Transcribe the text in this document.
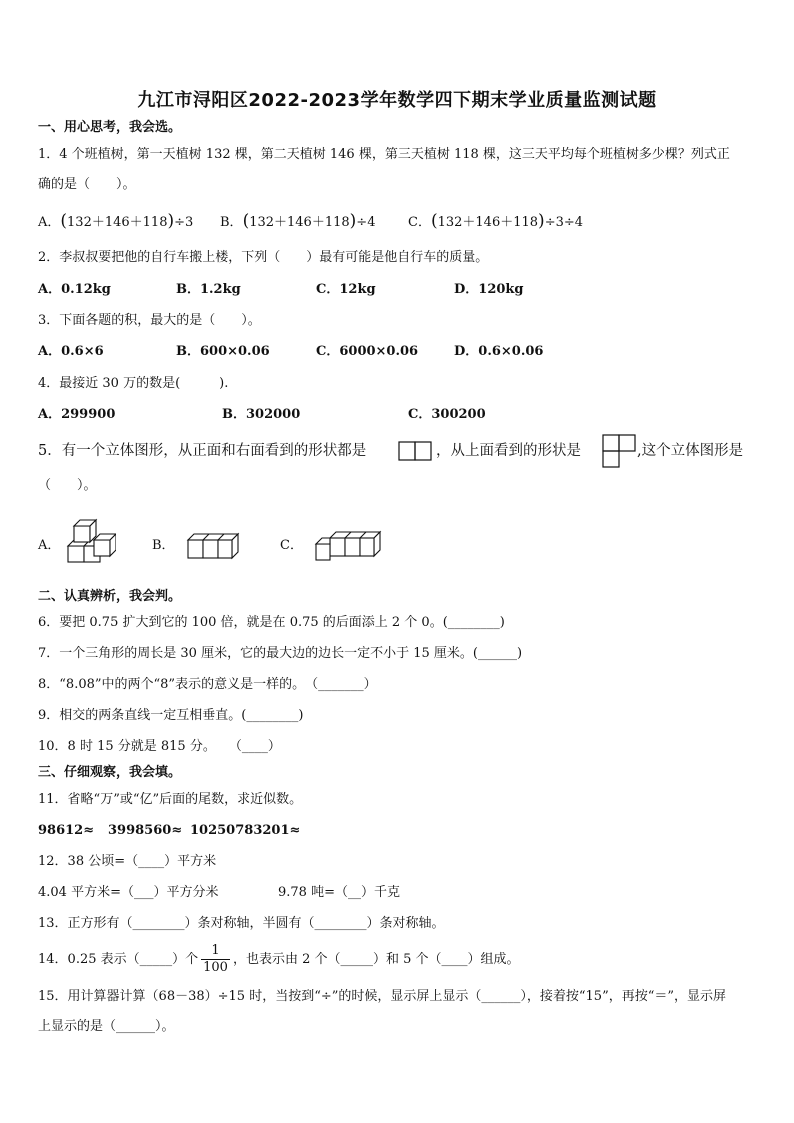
九江市浔阳区2022-2023学年数学四下期末学业质量监测试题
一、用心思考，我会选。
1．4 个班植树，第一天植树 132 棵，第二天植树 146 棵，第三天植树 118 棵，这三天平均每个班植树多少棵？列式正
确的是（　　）。
A．(132＋146＋118)÷3 B．(132＋146＋118)÷4	C．(132＋146＋118)÷3÷4
2．李叔叔要把他的自行车搬上楼，下列（　　）最有可能是他自行车的质量。
A．0.12kg	B．1.2kg	C．12kg	D．120kg
3．下面各题的积，最大的是（　　）。
A．0.6×6	B．600×0.06	C．6000×0.06	D．0.6×0.06
4．最接近 30 万的数是(　　　).
A．299900	B．302000	C．300200
5．有一个立体图形，从正面和右面看到的形状都是	，从上面看到的形状是	,这个立体图形是
（　　）。
A．	B．	C．
二、认真辨析，我会判。
6．要把 0.75 扩大到它的 100 倍，就是在 0.75 的后面添上 2 个 0。(________)
7．一个三角形的周长是 30 厘米，它的最大边的边长一定不小于 15 厘米。(______)
8．“8.08”中的两个“8”表示的意义是一样的。　（_______）
9．相交的两条直线一定互相垂直。(________)
10．8 时 15 分就是 815 分。　　（____）
三、仔细观察，我会填。
11．省略“万”或“亿”后面的尾数，求近似数。
98612≈ 3998560≈ 10250783201≈
12．38 公顷=（____）平方米
4.04 平方米=（___）平方分米	9.78 吨=（__）千克
13．正方形有（________）条对称轴，半圆有（________）条对称轴。
14．0.25 表示（_____）个 $\frac{1}{100}$ ，也表示由 2 个（_____）和 5 个（____）组成。
15．用计算器计算（68－38）÷15 时，当按到“÷”的时候，显示屏上显示（______），接着按“15”，再按“＝”，显示屏
上显示的是（______）。
